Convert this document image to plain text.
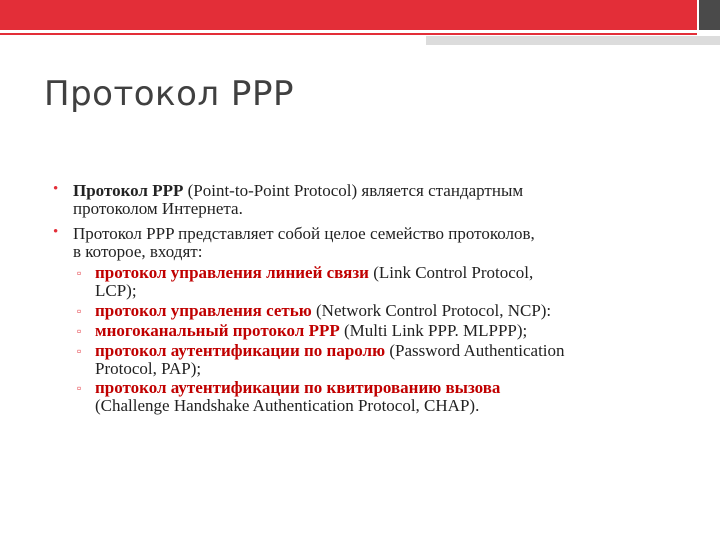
Протокол PPP
• Протокол PPP (Point-to-Point Protocol) является стандартным
протоколом Интернета.
• Протокол PPP представляет собой целое семейство протоколов,
в которое, входят:
▫ протокол управления линией связи (Link Control Protocol,
LCP);
▫ протокол управления сетью (Network Control Protocol, NCP):
▫ многоканальный протокол PPP (Multi Link PPP. MLPPP);
▫ протокол аутентификации по паролю (Password Authentication
Protocol, PAP);
▫ протокол аутентификации по квитированию вызова
(Challenge Handshake Authentication Protocol, CHAP).
